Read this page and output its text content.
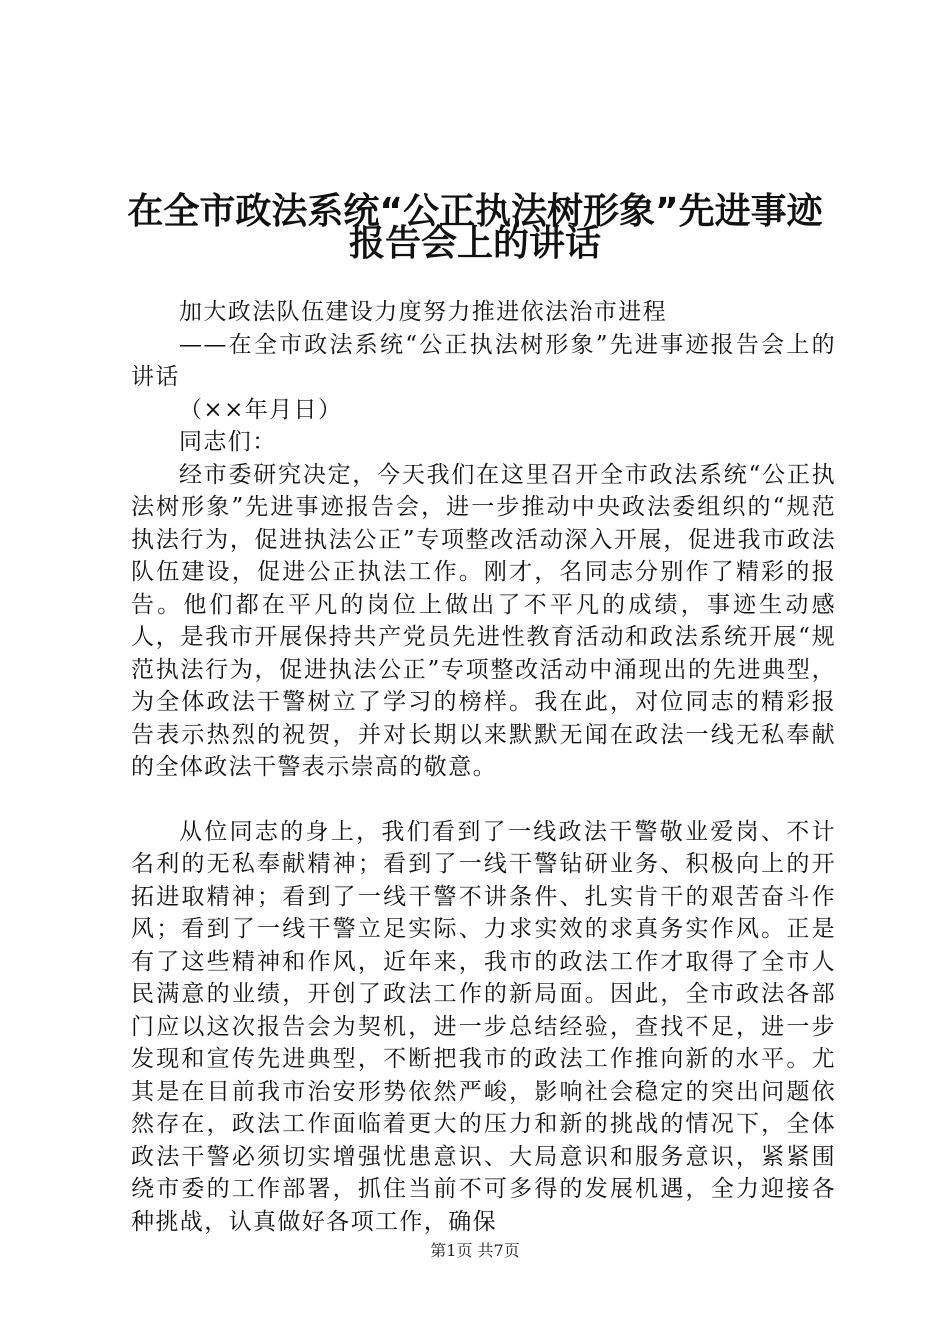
在全市政法系统“公正执法树形象”先进事迹
报告会上的讲话

加大政法队伍建设力度努力推进依法治市进程

——在全市政法系统“公正执法树形象”先进事迹报告会上的讲话

（××年月日）

同志们：

经市委研究决定，今天我们在这里召开全市政法系统“公正执法树形象”先进事迹报告会，进一步推动中央政法委组织的“规范执法行为，促进执法公正”专项整改活动深入开展，促进我市政法队伍建设，促进公正执法工作。刚才，名同志分别作了精彩的报告。他们都在平凡的岗位上做出了不平凡的成绩，事迹生动感人，是我市开展保持共产党员先进性教育活动和政法系统开展“规范执法行为，促进执法公正”专项整改活动中涌现出的先进典型，为全体政法干警树立了学习的榜样。我在此，对位同志的精彩报告表示热烈的祝贺，并对长期以来默默无闻在政法一线无私奉献的全体政法干警表示崇高的敬意。

从位同志的身上，我们看到了一线政法干警敬业爱岗、不计名利的无私奉献精神；看到了一线干警钻研业务、积极向上的开拓进取精神；看到了一线干警不讲条件、扎实肯干的艰苦奋斗作风；看到了一线干警立足实际、力求实效的求真务实作风。正是有了这些精神和作风，近年来，我市的政法工作才取得了全市人民满意的业绩，开创了政法工作的新局面。因此，全市政法各部门应以这次报告会为契机，进一步总结经验，查找不足，进一步发现和宣传先进典型，不断把我市的政法工作推向新的水平。尤其是在目前我市治安形势依然严峻，影响社会稳定的突出问题依然存在，政法工作面临着更大的压力和新的挑战的情况下，全体政法干警必须切实增强忧患意识、大局意识和服务意识，紧紧围绕市委的工作部署，抓住当前不可多得的发展机遇，全力迎接各种挑战，认真做好各项工作，确保

第1页 共7页
